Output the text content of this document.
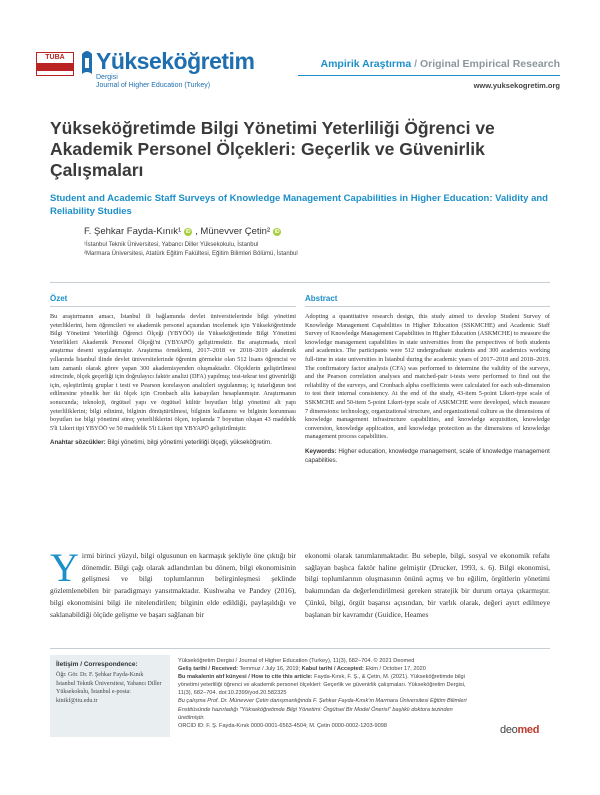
TÜBA	Yükseköğretim
Dergisi
Journal of Higher Education (Turkey)
Ampirik Araştırma / Original Empirical Research
www.yuksekogretim.org
Yükseköğretimde Bilgi Yönetimi Yeterliliği Öğrenci ve Akademik Personel Ölçekleri: Geçerlik ve Güvenirlik Çalışmaları
Student and Academic Staff Surveys of Knowledge Management Capabilities in Higher Education: Validity and Reliability Studies
F. Şehkar Fayda-Kınık¹ iD , Münevver Çetin² iD
¹İstanbul Teknik Üniversitesi, Yabancı Diller Yüksekokulu, İstanbul
²Marmara Üniversitesi, Atatürk Eğitim Fakültesi, Eğitim Bilimleri Bölümü, İstanbul
Özet
Bu araştırmanın amacı, İstanbul ili bağlamında devlet üniversitelerinde bilgi yönetimi yeterliklerini, hem öğrencileri ve akademik personel açısından incelemek için Yükseköğretimde Bilgi Yönetimi Yeterliliği Öğrenci Ölçeği (YBYÖÖ) ile Yükseköğretimde Bilgi Yönetimi Yeterlikleri Akademik Personel Ölçeği'ni (YBYAPÖ) geliştirmektir. Bu araştırmada, nicel araştırma deseni uygulanmıştır. Araştırma örneklemi, 2017–2018 ve 2018–2019 akademik yıllarında İstanbul ilinde devlet üniversitelerinde öğrenim görmekte olan 512 lisans öğrencisi ve tam zamanlı olarak görev yapan 300 akademisyenden oluşmaktadır. Ölçeklerin geliştirilmesi sürecinde, ölçek geçerliği için doğrulayıcı faktör analizi (DFA) yapılmış; test-tekrar test güvenirliği için, eşleştirilmiş gruplar t testi ve Pearson korelasyon analizleri uygulanmış; iç tutarlığının test edilmesine yönelik her iki ölçek için Cronbach alfa katsayıları hesaplanmıştır. Araştırmanın sonucunda; teknoloji, örgütsel yapı ve örgütsel kültür boyutları bilgi yönetimi alt yapı yeterliliklerini; bilgi edinimi, bilginin dönüştürülmesi, bilginin kullanımı ve bilginin korunması boyutları ise bilgi yönetimi süreç yeterliliklerini ölçen, toplamda 7 boyuttan oluşan 43 maddelik 5'li Likert tipi YBYÖÖ ve 50 maddelik 5'li Likert tipi YBYAPÖ geliştirilmiştir.
Anahtar sözcükler: Bilgi yönetimi, bilgi yönetimi yeterliliği ölçeği, yükseköğretim.
Abstract
Adopting a quantitative research design, this study aimed to develop Student Survey of Knowledge Management Capabilities in Higher Education (SSKMCHE) and Academic Staff Survey of Knowledge Management Capabilities in Higher Education (ASKMCHE) to measure the knowledge management capabilities in state universities from the perspectives of both students and academics. The participants were 512 undergraduate students and 300 academics working full-time in state universities in İstanbul during the academic years of 2017–2018 and 2018–2019. The confirmatory factor analysis (CFA) was performed to determine the validity of the surveys, and the Pearson correlation analyses and matched-pair t-tests were performed to find out the reliability of the surveys, and Cronbach alpha coefficients were calculated for each sub-dimension to test their internal consistency. At the end of the study, 43-item 5-point Likert-type scale of SSKMCHE and 50-item 5-point Likert-type scale of ASKMCHE were developed, which measure 7 dimensions: technology, organizational structure, and organizational culture as the dimensions of knowledge management infrastructure capabilities, and knowledge acquisition, knowledge conversion, knowledge application, and knowledge protection as the dimensions of knowledge management process capabilities.
Keywords: Higher education, knowledge management, scale of knowledge management capabilities.
Yirmi birinci yüzyıl, bilgi olgusunun en karmaşık şekliyle öne çıktığı bir dönemdir. Bilgi çağı olarak adlandırılan bu dönem, bilgi ekonomisinin gelişmesi ve bilgi toplumlarının belirginleşmesi şeklinde gözlemlenebilen bir paradigmayı yansıtmaktadır. Kushwaha ve Pandey (2016), bilgi ekonomisini bilgi ile nitelendirilen; bilginin elde edildiği, paylaşıldığı ve saklanabildiği ölçüde gelişme ve başarı sağlanan bir
ekonomi olarak tanımlanmaktadır. Bu sebeple, bilgi, sosyal ve ekonomik refahı sağlayan başlıca faktör haline gelmiştir (Drucker, 1993, s. 6). Bilgi ekonomisi, bilgi toplumlarının oluşmasının önünü açmış ve bu eğilim, örgütlerin yönetimi bakımından da değerlendirilmesi gereken stratejik bir durum ortaya çıkarmıştır. Çünkü, bilgi, örgüt başarısı açısından, bir varlık olarak, değeri ayırt edilmeye başlanan bir kavramdır (Guidice, Heames
İletişim / Correspondence:
Öğr. Gör. Dr. F. Şehkar Fayda-Kınık İstanbul Teknik Üniversitesi, Yabancı Diller Yüksekokulu, İstanbul e-posta: kinikf@itu.edu.tr
Yükseköğretim Dergisi / Journal of Higher Education (Turkey), 11(3), 682–704. © 2021 Deomed
Geliş tarihi / Received: Temmuz / July 16, 2019; Kabul tarihi / Accepted: Ekim / October 17, 2020
Bu makalenin atıf künyesi / How to cite this article: Fayda-Kınık, F. Ş., & Çetin, M. (2021). Yükseköğretimde bilgi yönetimi yeterliliği öğrenci ve akademik personel ölçekleri: Geçerlik ve güvenirlik çalışmaları. Yükseköğretim Dergisi, 11(3), 682–704. doi:10.2399/yod.20.582325
Bu çalışma Prof. Dr. Münevver Çetin danışmanlığında F. Şehkar Fayda-Kınık'ın Marmara Üniversitesi Eğitim Bilimleri Enstitüsünde hazırladığı "Yükseköğretimde Bilgi Yönetimi: Örgütsel Bir Model Önerisi" başlıklı doktora tezinden üretilmiştir.
ORCID ID: F. Ş. Fayda-Kınık 0000-0001-6563-4504; M. Çetin 0000-0002-1203-9098	deomed
